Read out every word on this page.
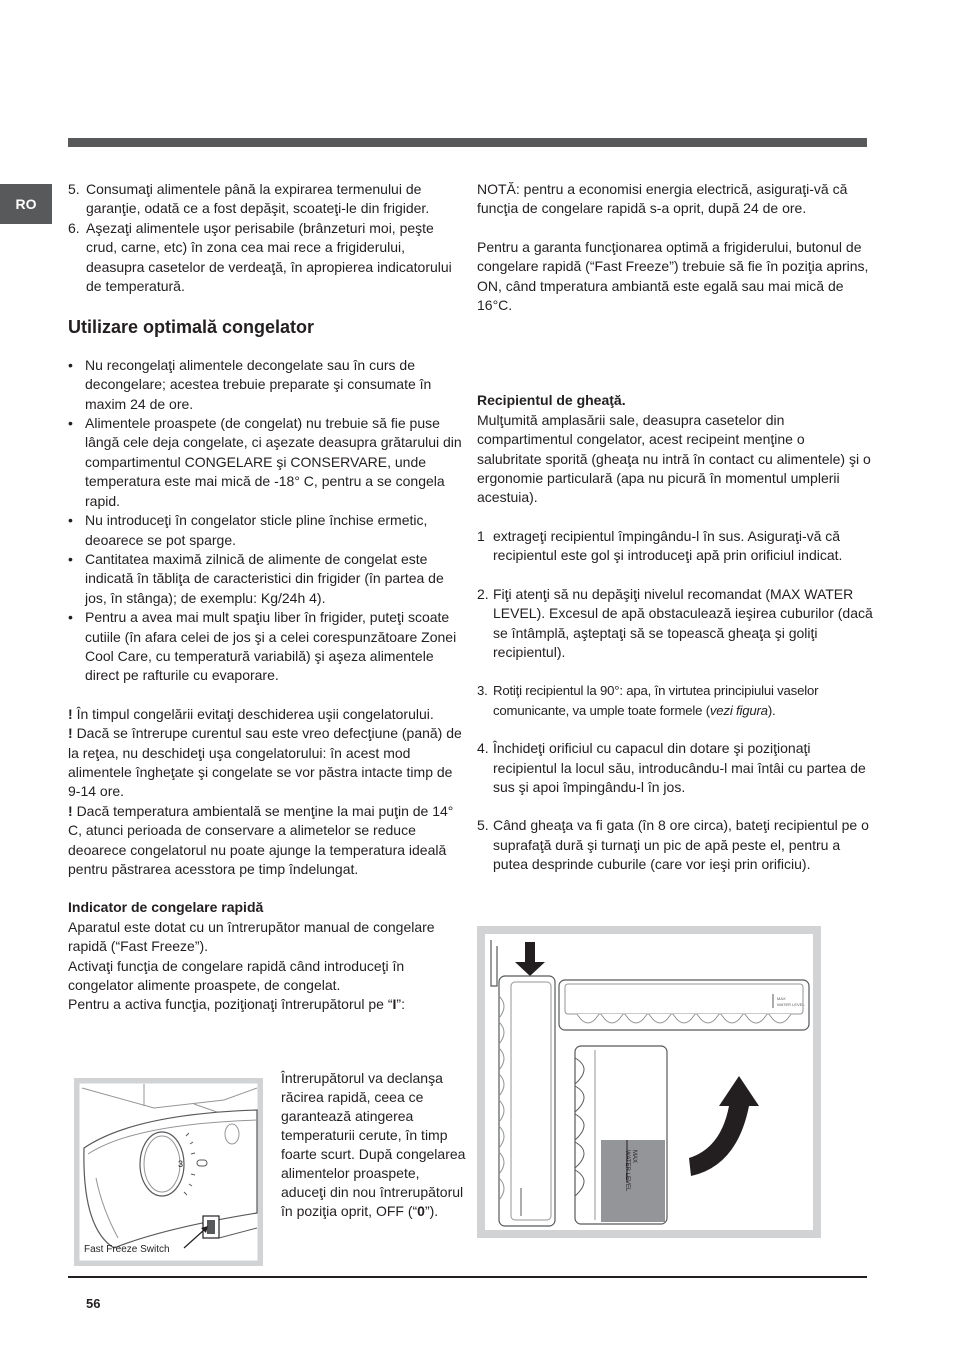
RO
5. Consumaţi alimentele până la expirarea termenului de garanţie, odată ce a fost depăşit, scoateţi-le din frigider.
6. Aşezaţi alimentele uşor perisabile (brânzeturi moi, peşte crud, carne, etc) în zona cea mai rece a frigiderului, deasupra casetelor de verdeaţă, în apropierea indicatorului de temperatură.
Utilizare optimală congelator
• Nu recongelaţi alimentele decongelate sau în curs de decongelare; acestea trebuie preparate şi consumate în maxim 24 de ore.
• Alimentele proaspete (de congelat) nu trebuie să fie puse lângă cele deja congelate, ci aşezate deasupra grătarului din compartimentul CONGELARE şi CONSERVARE, unde temperatura este mai mică de -18° C, pentru a se congela rapid.
• Nu introduceţi în congelator sticle pline închise ermetic, deoarece se pot sparge.
• Cantitatea maximă zilnică de alimente de congelat este indicată în tăbliţa de caracteristici din frigider (în partea de jos, în stânga); de exemplu: Kg/24h 4).
• Pentru a avea mai mult spaţiu liber în frigider, puteţi scoate cutiile (în afara celei de jos şi a celei corespunzătoare Zonei Cool Care, cu temperatură variabilă) şi aşeza alimentele direct pe rafturile cu evaporare.

! În timpul congelării evitaţi deschiderea uşii congelatorului.

! Dacă se întrerupe curentul sau este vreo defecţiune (pană) de la reţea, nu deschideţi uşa congelatorului: în acest mod alimentele îngheţate şi congelate se vor păstra intacte timp de 9-14 ore.

! Dacă temperatura ambientală se menţine la mai puţin de 14° C, atunci perioada de conservare a alimetelor se reduce deoarece congelatorul nu poate ajunge la temperatura ideală pentru păstrarea acesstora pe timp îndelungat.

Indicator de congelare rapidă

Aparatul este dotat cu un întrerupător manual de congelare rapidă (“Fast Freeze”).

Activaţi funcţia de congelare rapidă când introduceţi în congelator alimente proaspete, de congelat.

Pentru a activa funcţia, poziţionaţi întrerupătorul pe “I”:

Întrerupătorul va declanşa răcirea rapidă, ceea ce garantează atingerea temperaturii cerute, în timp foarte scurt. După congelarea alimentelor proaspete, aduceţi din nou întrerupătorul în poziţia oprit, OFF (“0”).
3
Fast Freeze Switch

NOTĂ: pentru a economisi energia electrică, asiguraţi-vă că funcţia de congelare rapidă s-a oprit, după 24 de ore.

Pentru a garanta funcţionarea optimă a frigiderului, butonul de congelare rapidă (“Fast Freeze”) trebuie să fie în poziţia aprins, ON, când tmperatura ambiantă este egală sau mai mică de 16°C.

Recipientul de gheaţă.

Mulţumită amplasării sale, deasupra casetelor din compartimentul congelator, acest recipeint menţine o salubritate sporită (gheaţa nu intră în contact cu alimentele) şi o ergonomie particulară (apa nu picură în momentul umplerii acestuia).

1 extrageţi recipientul împingându-l în sus. Asiguraţi-vă că recipientul este gol şi introduceţi apă prin orificiul indicat.
2. Fiţi atenţi să nu depăşiţi nivelul recomandat (MAX WATER LEVEL). Excesul de apă obstaculează ieşirea cuburilor (dacă se întâmplă, aşteptaţi să se topească gheaţa şi goliţi recipientul).
3. Rotiţi recipientul la 90°: apa, în virtutea principiului vaselor comunicante, va umple toate formele (vezi figura).
4. Închideţi orificiul cu capacul din dotare şi poziţionaţi recipientul la locul său, introducându-l mai întâi cu partea de sus şi apoi împingându-l în jos.
5. Când gheaţa va fi gata (în 8 ore circa), bateţi recipientul pe o suprafaţă dură şi turnaţi un pic de apă peste el, pentru a putea desprinde cuburile (care vor ieşi prin orificiu).
MAX
WATER LEVEL
MAX
WATER LEVEL
56
